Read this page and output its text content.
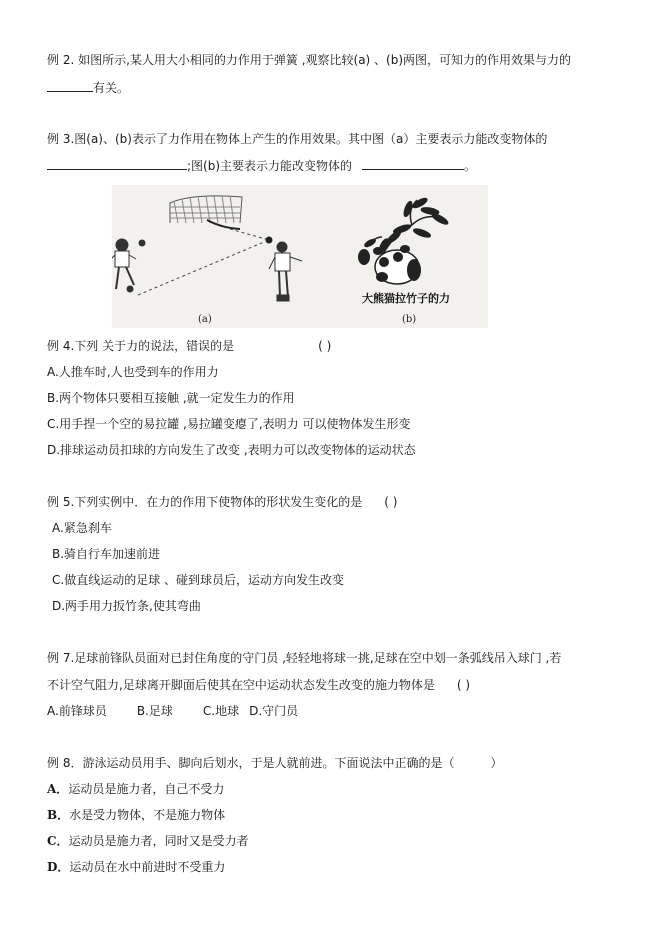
例 2. 如图所示,某人用大小相同的力作用于弹簧 ,观察比较(a) 、(b)两图，可知力的作用效果与力的
有关。
例 3.图(a)、(b)表示了力作用在物体上产生的作用效果。其中图（a）主要表示力能改变物体的
;图(b)主要表示力能改变物体的	。
(a)
大熊猫拉竹子的力
(b)
例 4.下列 关于力的说法，错误的是	( )
A.人推车时,人也受到车的作用力
B.两个物体只要相互接触 ,就一定发生力的作用
C.用手捏一个空的易拉罐 ,易拉罐变瘪了,表明力 可以使物体发生形变
D.排球运动员扣球的方向发生了改变 ,表明力可以改变物体的运动状态
例 5.下列实例中．在力的作用下使物体的形状发生变化的是 ( )
A.紧急刹车
B.骑自行车加速前进
C.做直线运动的足球 、碰到球员后，运动方向发生改变
D.两手用力扳竹条,使其弯曲
例 7.足球前锋队员面对已封住角度的守门员 ,轻轻地将球一挑,足球在空中划一条弧线吊入球门 ,若
不计空气阻力,足球离开脚面后使其在空中运动状态发生改变的施力物体是 ( )
A.前锋球员	B.足球	C.地球 D.守门员
例 8．游泳运动员用手、脚向后划水，于是人就前进。下面说法中正确的是（	）
A．运动员是施力者，自己不受力
B．水是受力物体，不是施力物体
C．运动员是施力者，同时又是受力者
D．运动员在水中前进时不受重力
